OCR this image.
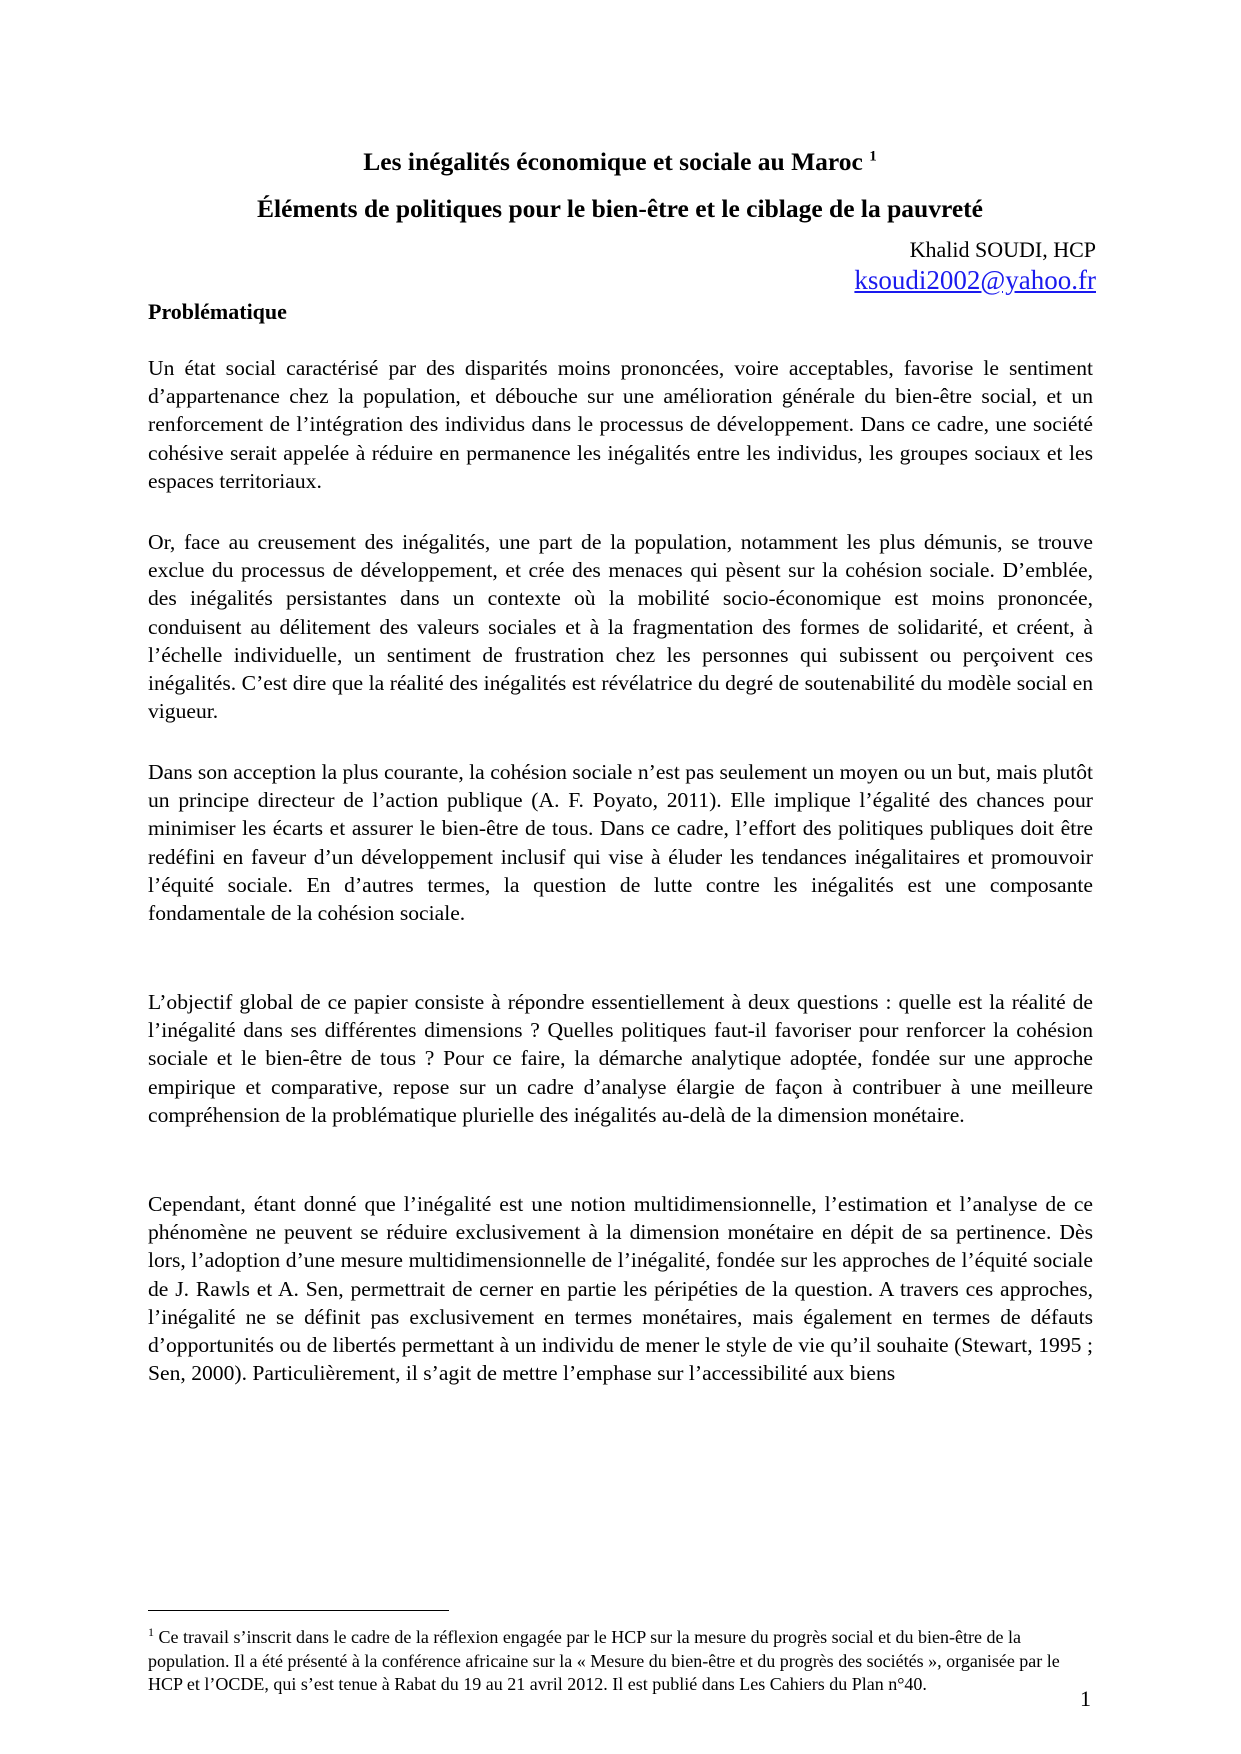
Les inégalités économique et sociale au Maroc $^1$
Éléments de politiques pour le bien-être et le ciblage de la pauvreté
Khalid SOUDI, HCP
ksoudi2002@yahoo.fr
Problématique

Un état social caractérisé par des disparités moins prononcées, voire acceptables, favorise le sentiment d’appartenance chez la population, et débouche sur une amélioration générale du bien-être social, et un renforcement de l’intégration des individus dans le processus de développement. Dans ce cadre, une société cohésive serait appelée à réduire en permanence les inégalités entre les individus, les groupes sociaux et les espaces territoriaux.

Or, face au creusement des inégalités, une part de la population, notamment les plus démunis, se trouve exclue du processus de développement, et crée des menaces qui pèsent sur la cohésion sociale. D’emblée, des inégalités persistantes dans un contexte où la mobilité socio-économique est moins prononcée, conduisent au délitement des valeurs sociales et à la fragmentation des formes de solidarité, et créent, à l’échelle individuelle, un sentiment de frustration chez les personnes qui subissent ou perçoivent ces inégalités. C’est dire que la réalité des inégalités est révélatrice du degré de soutenabilité du modèle social en vigueur.

Dans son acception la plus courante, la cohésion sociale n’est pas seulement un moyen ou un but, mais plutôt un principe directeur de l’action publique (A. F. Poyato, 2011). Elle implique l’égalité des chances pour minimiser les écarts et assurer le bien-être de tous. Dans ce cadre, l’effort des politiques publiques doit être redéfini en faveur d’un développement inclusif qui vise à éluder les tendances inégalitaires et promouvoir l’équité sociale. En d’autres termes, la question de lutte contre les inégalités est une composante fondamentale de la cohésion sociale.

L’objectif global de ce papier consiste à répondre essentiellement à deux questions : quelle est la réalité de l’inégalité dans ses différentes dimensions ? Quelles politiques faut-il favoriser pour renforcer la cohésion sociale et le bien-être de tous ? Pour ce faire, la démarche analytique adoptée, fondée sur une approche empirique et comparative, repose sur un cadre d’analyse élargie de façon à contribuer à une meilleure compréhension de la problématique plurielle des inégalités au-delà de la dimension monétaire.

Cependant, étant donné que l’inégalité est une notion multidimensionnelle, l’estimation et l’analyse de ce phénomène ne peuvent se réduire exclusivement à la dimension monétaire en dépit de sa pertinence. Dès lors, l’adoption d’une mesure multidimensionnelle de l’inégalité, fondée sur les approches de l’équité sociale de J. Rawls et A. Sen, permettrait de cerner en partie les péripéties de la question. A travers ces approches, l’inégalité ne se définit pas exclusivement en termes monétaires, mais également en termes de défauts d’opportunités ou de libertés permettant à un individu de mener le style de vie qu’il souhaite (Stewart, 1995 ; Sen, 2000). Particulièrement, il s’agit de mettre l’emphase sur l’accessibilité aux biens

$^1$ Ce travail s’inscrit dans le cadre de la réflexion engagée par le HCP sur la mesure du progrès social et du bien-être de la population. Il a été présenté à la conférence africaine sur la « Mesure du bien-être et du progrès des sociétés », organisée par le HCP et l’OCDE, qui s’est tenue à Rabat du 19 au 21 avril 2012. Il est publié dans Les Cahiers du Plan n°40.

1
